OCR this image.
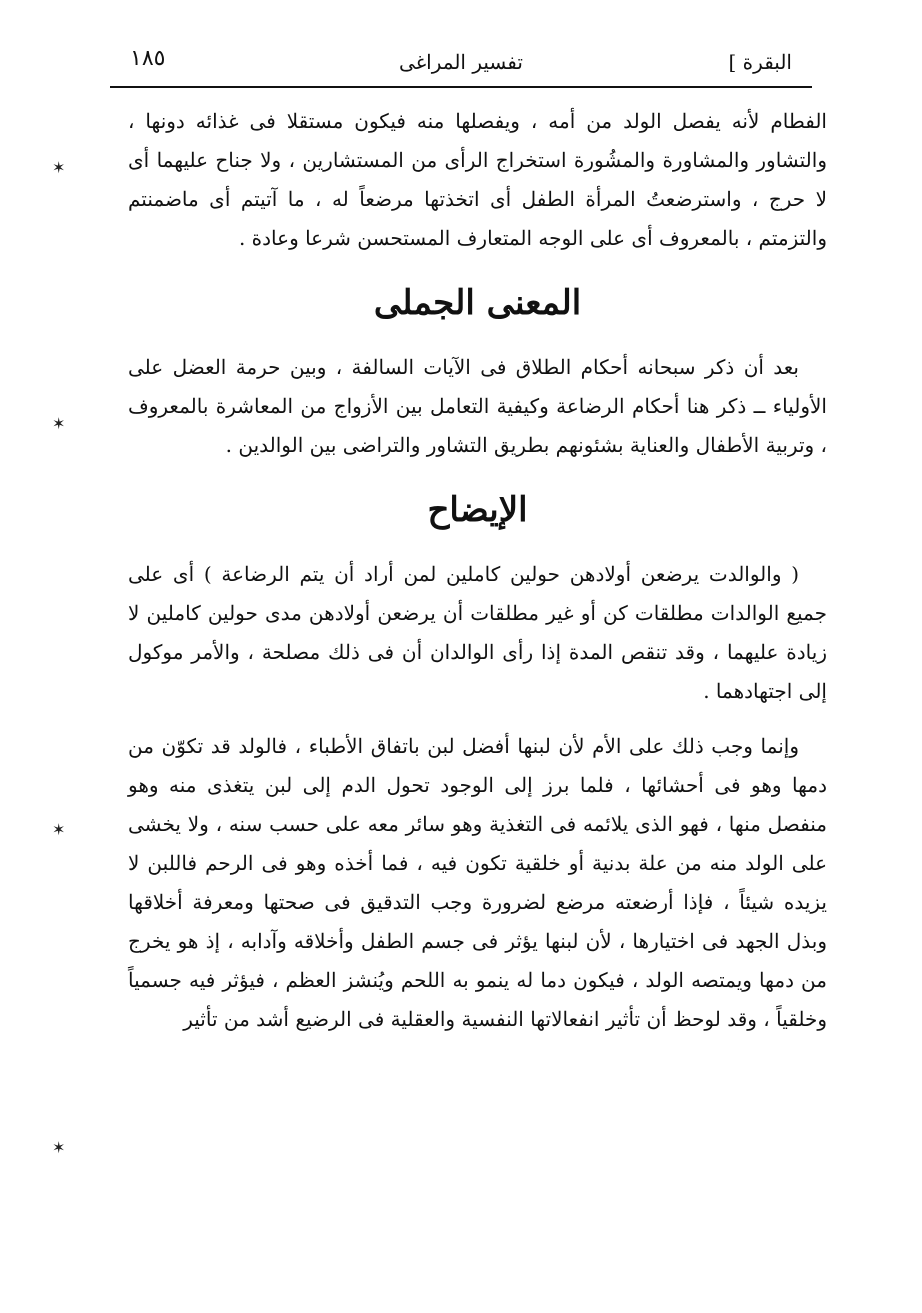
البقرة ]
تفسير المراغى
١٨٥

الفطام لأنه يفصل الولد من أمه ، ويفصلها منه فيكون مستقلا فى غذائه دونها ، والتشاور والمشاورة والمشُورة استخراج الرأى من المستشارين ، ولا جناح عليهما أى لا حرج ، واسترضعتُ المرأة الطفل أى اتخذتها مرضعاً له ، ما آتيتم أى ماضمنتم والتزمتم ، بالمعروف أى على الوجه المتعارف المستحسن شرعا وعادة .

المعنى الجملى

بعد أن ذكر سبحانه أحكام الطلاق فى الآيات السالفة ، وبين حرمة العضل على الأولياء ــ ذكر هنا أحكام الرضاعة وكيفية التعامل بين الأزواج من المعاشرة بالمعروف ، وتربية الأطفال والعناية بشئونهم بطريق التشاور والتراضى بين الوالدين .

الإيضاح

( والوالدت يرضعن أولادهن حولين كاملين لمن أراد أن يتم الرضاعة ) أى على جميع الوالدات مطلقات كن أو غير مطلقات أن يرضعن أولادهن مدى حولين كاملين لا زيادة عليهما ، وقد تنقص المدة إذا رأى الوالدان أن فى ذلك مصلحة ، والأمر موكول إلى اجتهادهما .

وإنما وجب ذلك على الأم لأن لبنها أفضل لبن باتفاق الأطباء ، فالولد قد تكوّن من دمها وهو فى أحشائها ، فلما برز إلى الوجود تحول الدم إلى لبن يتغذى منه وهو منفصل منها ، فهو الذى يلائمه فى التغذية وهو سائر معه على حسب سنه ، ولا يخشى على الولد منه من علة بدنية أو خلقية تكون فيه ، فما أخذه وهو فى الرحم فاللبن لا يزيده شيئاً ، فإذا أرضعته مرضع لضرورة وجب التدقيق فى صحتها ومعرفة أخلاقها وبذل الجهد فى اختيارها ، لأن لبنها يؤثر فى جسم الطفل وأخلاقه وآدابه ، إذ هو يخرج من دمها ويمتصه الولد ، فيكون دما له ينمو به اللحم ويُنشز العظم ، فيؤثر فيه جسمياً وخلقياً ، وقد لوحظ أن تأثير انفعالاتها النفسية والعقلية فى الرضيع أشد من تأثير

✶
✶
✶
✶
